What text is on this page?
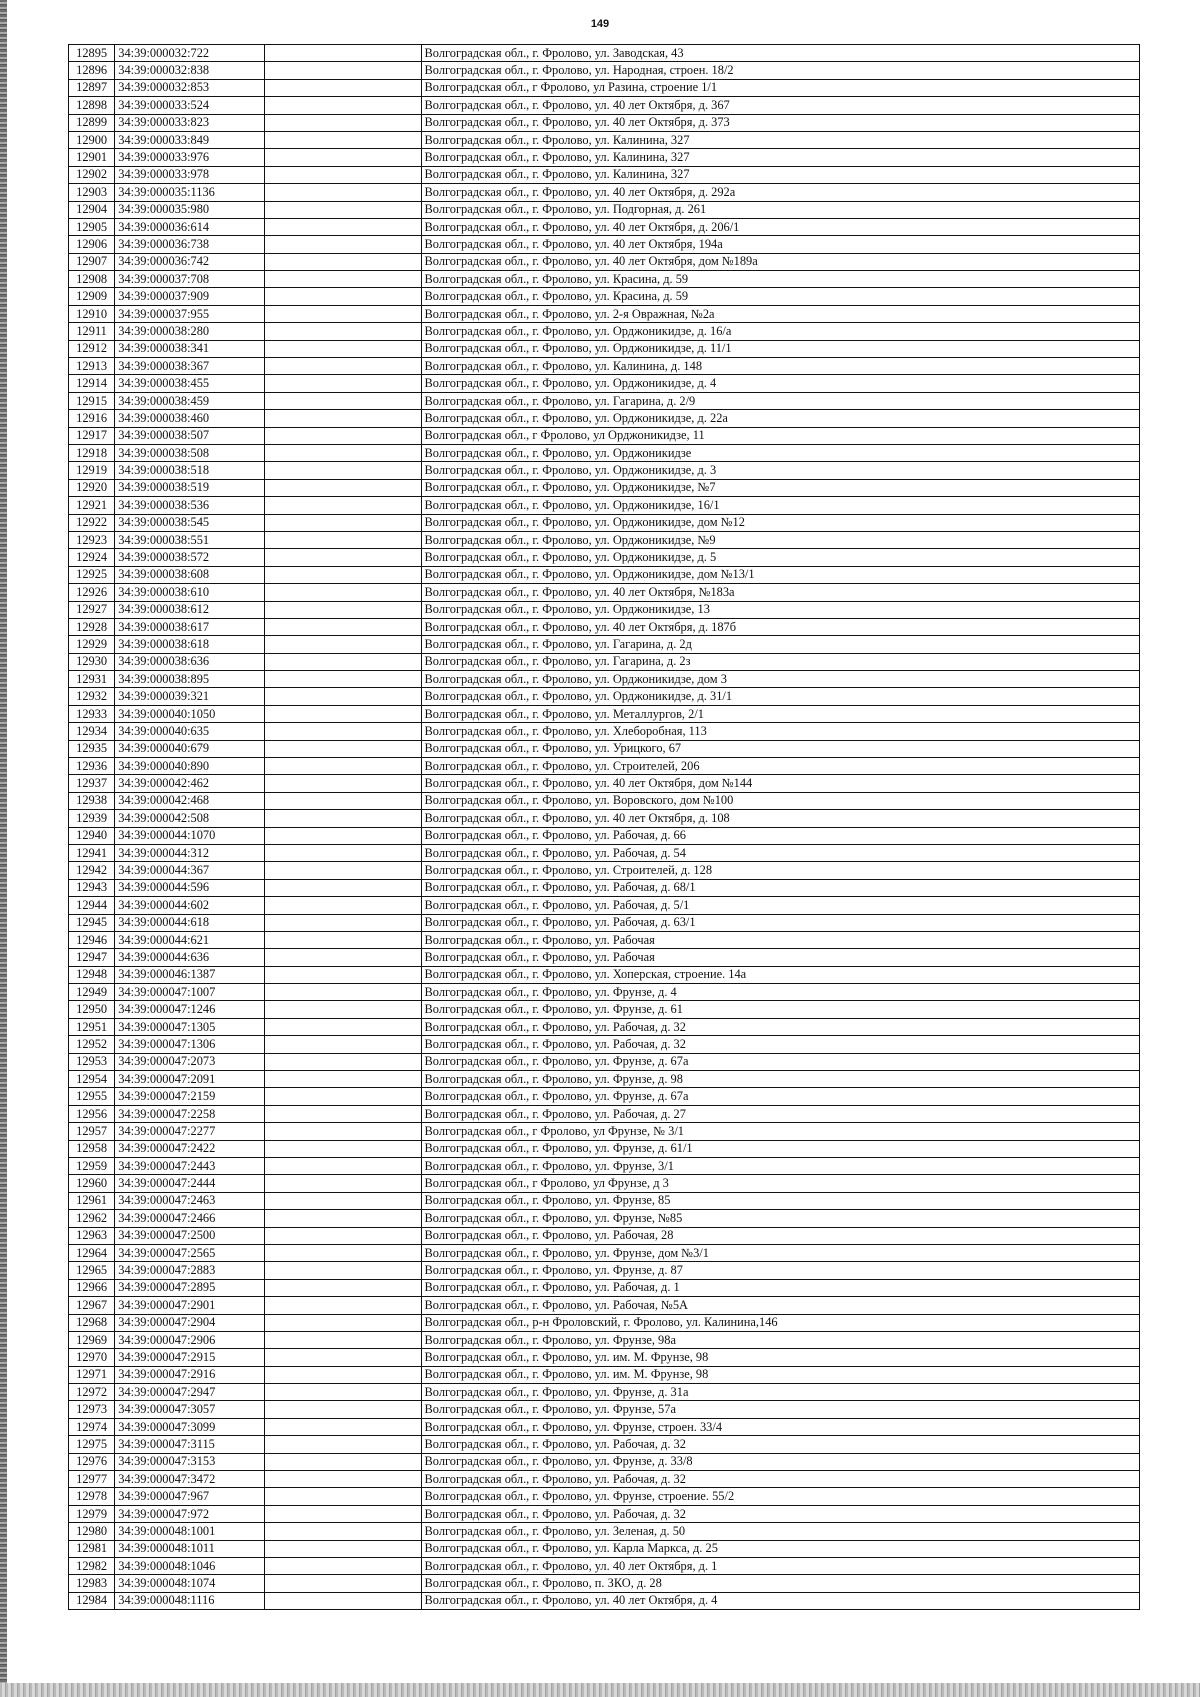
149
12895	34:39:000032:722		Волгоградская обл., г. Фролово, ул. Заводская, 43
12896	34:39:000032:838		Волгоградская обл., г. Фролово, ул. Народная, строен. 18/2
12897	34:39:000032:853		Волгоградская обл., г Фролово, ул Разина, строение 1/1
12898	34:39:000033:524		Волгоградская обл., г. Фролово, ул. 40 лет Октября, д. 367
12899	34:39:000033:823		Волгоградская обл., г. Фролово, ул. 40 лет Октября, д. 373
12900	34:39:000033:849		Волгоградская обл., г. Фролово, ул. Калинина, 327
12901	34:39:000033:976		Волгоградская обл., г. Фролово, ул. Калинина, 327
12902	34:39:000033:978		Волгоградская обл., г. Фролово, ул. Калинина, 327
12903	34:39:000035:1136		Волгоградская обл., г. Фролово, ул. 40 лет Октября, д. 292а
12904	34:39:000035:980		Волгоградская обл., г. Фролово, ул. Подгорная, д. 261
12905	34:39:000036:614		Волгоградская обл., г. Фролово, ул. 40 лет Октября, д. 206/1
12906	34:39:000036:738		Волгоградская обл., г. Фролово, ул. 40 лет Октября, 194а
12907	34:39:000036:742		Волгоградская обл., г. Фролово, ул. 40 лет Октября, дом №189а
12908	34:39:000037:708		Волгоградская обл., г. Фролово, ул. Красина, д. 59
12909	34:39:000037:909		Волгоградская обл., г. Фролово, ул. Красина, д. 59
12910	34:39:000037:955		Волгоградская обл., г. Фролово, ул. 2-я Овражная, №2а
12911	34:39:000038:280		Волгоградская обл., г. Фролово, ул. Орджоникидзе, д. 16/а
12912	34:39:000038:341		Волгоградская обл., г. Фролово, ул. Орджоникидзе, д. 11/1
12913	34:39:000038:367		Волгоградская обл., г. Фролово, ул. Калинина, д. 148
12914	34:39:000038:455		Волгоградская обл., г. Фролово, ул. Орджоникидзе, д. 4
12915	34:39:000038:459		Волгоградская обл., г. Фролово, ул. Гагарина, д. 2/9
12916	34:39:000038:460		Волгоградская обл., г. Фролово, ул. Орджоникидзе, д. 22а
12917	34:39:000038:507		Волгоградская обл., г Фролово, ул Орджоникидзе, 11
12918	34:39:000038:508		Волгоградская обл., г. Фролово, ул. Орджоникидзе
12919	34:39:000038:518		Волгоградская обл., г. Фролово, ул. Орджоникидзе, д. 3
12920	34:39:000038:519		Волгоградская обл., г. Фролово, ул. Орджоникидзе, №7
12921	34:39:000038:536		Волгоградская обл., г. Фролово, ул. Орджоникидзе, 16/1
12922	34:39:000038:545		Волгоградская обл., г. Фролово, ул. Орджоникидзе, дом №12
12923	34:39:000038:551		Волгоградская обл., г. Фролово, ул. Орджоникидзе, №9
12924	34:39:000038:572		Волгоградская обл., г. Фролово, ул. Орджоникидзе, д. 5
12925	34:39:000038:608		Волгоградская обл., г. Фролово, ул. Орджоникидзе, дом №13/1
12926	34:39:000038:610		Волгоградская обл., г. Фролово, ул. 40 лет Октября, №183а
12927	34:39:000038:612		Волгоградская обл., г. Фролово, ул. Орджоникидзе, 13
12928	34:39:000038:617		Волгоградская обл., г. Фролово, ул. 40 лет Октября, д. 187б
12929	34:39:000038:618		Волгоградская обл., г. Фролово, ул. Гагарина, д. 2д
12930	34:39:000038:636		Волгоградская обл., г. Фролово, ул. Гагарина, д. 2з
12931	34:39:000038:895		Волгоградская обл., г. Фролово, ул. Орджоникидзе, дом 3
12932	34:39:000039:321		Волгоградская обл., г. Фролово, ул. Орджоникидзе, д. 31/1
12933	34:39:000040:1050		Волгоградская обл., г. Фролово, ул. Металлургов, 2/1
12934	34:39:000040:635		Волгоградская обл., г. Фролово, ул. Хлеборобная, 113
12935	34:39:000040:679		Волгоградская обл., г. Фролово, ул. Урицкого, 67
12936	34:39:000040:890		Волгоградская обл., г. Фролово, ул. Строителей, 206
12937	34:39:000042:462		Волгоградская обл., г. Фролово, ул. 40 лет Октября, дом №144
12938	34:39:000042:468		Волгоградская обл., г. Фролово, ул. Воровского, дом №100
12939	34:39:000042:508		Волгоградская обл., г. Фролово, ул. 40 лет Октября, д. 108
12940	34:39:000044:1070		Волгоградская обл., г. Фролово, ул. Рабочая, д. 66
12941	34:39:000044:312		Волгоградская обл., г. Фролово, ул. Рабочая, д. 54
12942	34:39:000044:367		Волгоградская обл., г. Фролово, ул. Строителей, д. 128
12943	34:39:000044:596		Волгоградская обл., г. Фролово, ул. Рабочая, д. 68/1
12944	34:39:000044:602		Волгоградская обл., г. Фролово, ул. Рабочая, д. 5/1
12945	34:39:000044:618		Волгоградская обл., г. Фролово, ул. Рабочая, д. 63/1
12946	34:39:000044:621		Волгоградская обл., г. Фролово, ул. Рабочая
12947	34:39:000044:636		Волгоградская обл., г. Фролово, ул. Рабочая
12948	34:39:000046:1387		Волгоградская обл., г. Фролово, ул. Хоперская, строение. 14а
12949	34:39:000047:1007		Волгоградская обл., г. Фролово, ул. Фрунзе, д. 4
12950	34:39:000047:1246		Волгоградская обл., г. Фролово, ул. Фрунзе, д. 61
12951	34:39:000047:1305		Волгоградская обл., г. Фролово, ул. Рабочая, д. 32
12952	34:39:000047:1306		Волгоградская обл., г. Фролово, ул. Рабочая, д. 32
12953	34:39:000047:2073		Волгоградская обл., г. Фролово, ул. Фрунзе, д. 67а
12954	34:39:000047:2091		Волгоградская обл., г. Фролово, ул. Фрунзе, д. 98
12955	34:39:000047:2159		Волгоградская обл., г. Фролово, ул. Фрунзе, д. 67а
12956	34:39:000047:2258		Волгоградская обл., г. Фролово, ул. Рабочая, д. 27
12957	34:39:000047:2277		Волгоградская обл., г Фролово, ул Фрунзе, № 3/1
12958	34:39:000047:2422		Волгоградская обл., г. Фролово, ул. Фрунзе, д. 61/1
12959	34:39:000047:2443		Волгоградская обл., г. Фролово, ул. Фрунзе, 3/1
12960	34:39:000047:2444		Волгоградская обл., г Фролово, ул Фрунзе, д 3
12961	34:39:000047:2463		Волгоградская обл., г. Фролово, ул. Фрунзе, 85
12962	34:39:000047:2466		Волгоградская обл., г. Фролово, ул. Фрунзе, №85
12963	34:39:000047:2500		Волгоградская обл., г. Фролово, ул. Рабочая, 28
12964	34:39:000047:2565		Волгоградская обл., г. Фролово, ул. Фрунзе, дом №3/1
12965	34:39:000047:2883		Волгоградская обл., г. Фролово, ул. Фрунзе, д. 87
12966	34:39:000047:2895		Волгоградская обл., г. Фролово, ул. Рабочая, д. 1
12967	34:39:000047:2901		Волгоградская обл., г. Фролово, ул. Рабочая, №5А
12968	34:39:000047:2904		Волгоградская обл., р-н Фроловский, г. Фролово, ул. Калинина,146
12969	34:39:000047:2906		Волгоградская обл., г. Фролово, ул. Фрунзе, 98а
12970	34:39:000047:2915		Волгоградская обл., г. Фролово, ул. им. М. Фрунзе, 98
12971	34:39:000047:2916		Волгоградская обл., г. Фролово, ул. им. М. Фрунзе, 98
12972	34:39:000047:2947		Волгоградская обл., г. Фролово, ул. Фрунзе, д. 31а
12973	34:39:000047:3057		Волгоградская обл., г. Фролово, ул. Фрунзе, 57а
12974	34:39:000047:3099		Волгоградская обл., г. Фролово, ул. Фрунзе, строен. 33/4
12975	34:39:000047:3115		Волгоградская обл., г. Фролово, ул. Рабочая, д. 32
12976	34:39:000047:3153		Волгоградская обл., г. Фролово, ул. Фрунзе, д. 33/8
12977	34:39:000047:3472		Волгоградская обл., г. Фролово, ул. Рабочая, д. 32
12978	34:39:000047:967		Волгоградская обл., г. Фролово, ул. Фрунзе, строение. 55/2
12979	34:39:000047:972		Волгоградская обл., г. Фролово, ул. Рабочая, д. 32
12980	34:39:000048:1001		Волгоградская обл., г. Фролово, ул. Зеленая, д. 50
12981	34:39:000048:1011		Волгоградская обл., г. Фролово, ул. Карла Маркса, д. 25
12982	34:39:000048:1046		Волгоградская обл., г. Фролово, ул. 40 лет Октября, д. 1
12983	34:39:000048:1074		Волгоградская обл., г. Фролово, п. ЗКО, д. 28
12984	34:39:000048:1116		Волгоградская обл., г. Фролово, ул. 40 лет Октября, д. 4
